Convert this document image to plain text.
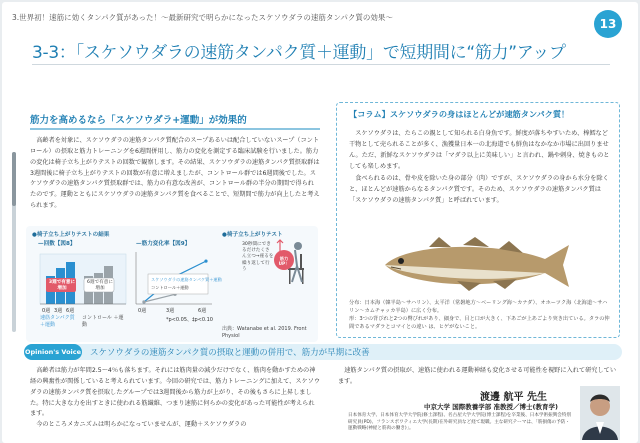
3.世界初！速筋に効くタンパク質があった！～最新研究で明らかになったスケソウダラの速筋タンパク質の効果～	13
3-3：「スケソウダラの速筋タンパク質＋運動」で短期間に“筋力”アップ
筋力を高めるなら「スケソウダラ+運動」が効果的
高齢者を対象に、スケソウダラの速筋タンパク質配合のスープあるいは配合していないスープ（コントロール）の摂取と筋力トレーニングを6週間併用し、筋力の変化を測定する臨床試験を行いました。筋力の変化は椅子立ち上がりテストの回数で観察します。その結果、スケソウダラの速筋タンパク質摂取群は3週間後に椅子立ち上がりテストの回数が有意に増えましたが、コントロール群では6週間後でした。スケソウダラの速筋タンパク質摂取群では、筋力の有意な改善が、コントロール群の半分の期間で得られたのです。運動とともにスケソウダラの速筋タンパク質を食べることで、短期間で筋力が向上したと考えられます。
●椅子立ち上がりテストの結果
—回数【図8】	—筋力変化率【図9】
●椅子立ち上がりテスト
3週で有意に増加
6週で有意に増加
0週 3週 6週
速筋タンパク質 ＋運動
コントロール ＋運動
0週	3週	6週
スケソウダラの速筋タンパク質＋運動
コントロール＋運動
*p<0.05、‡p<0.10
30秒間にできるだけたくさん立つ→座るを繰り返して行う
筋力UP！
出典：Watanabe et al. 2019. Front Physiol
【コラム】スケソウダラの身はほとんどが速筋タンパク質！

スケソウダラは、たらこの親として知られる白身魚です。鮮度が落ちやすいため、棒鱈など干物として売られることが多く、漁獲量日本一の北海道でも鮮魚はなかなか市場に出回りません。ただ、新鮮なスケソウダラは「マダラ以上に美味しい」と言われ、鍋や刺身、焼きものとしても楽しめます。

食べられるのは、骨や皮を除いた身の部分（肉）ですが、スケソウダラの身から水分を除くと、ほとんどが速筋からなるタンパク質です。そのため、スケソウダラの速筋タンパク質は「スケソウダラの速筋タンパク質」と呼ばれています。

分布：日本海（韓半島～サハリン）、太平洋（常磐地方～ベーリング海～カナダ）、オホーツク海（北海道～サハリン～カムチャッカ半島）に広く分布。
形：3つの背びれと2つの臀びれがあり、細身で、目と口が大きく、下あごが上あごより突き出ている。タラの仲間であるマダラとコマイとの違い は、ヒゲがないこと。
Opinion's Voice スケソウダラの速筋タンパク質の摂取と運動の併用で、筋力が早期に改善
高齢者は筋力が年間2.5～4％も落ちます。それには筋肉量の減少だけでなく、筋肉を動かすための神経の興奮性が関係していると考えられています。今回の研究では、筋力トレーニングに加えて、スケソウダラの速筋タンパク質を摂取したグループでは3週間後から筋力が上がり、その後もさらに上昇しました。特に大きな力を出すときに使われる筋繊維、つまり速筋に何らかの変化があった可能性が考えられます。
今のところメカニズムは明らかになっていませんが、運動＋スケソウダラの
速筋タンパク質の摂取が、速筋に使われる運動神経も変化させる可能性を視野に入れて研究しています。
渡邊 航平 先生
中京大学 国際教養学部 准教授／博士(教育学)
日本体育大学、日本体育大学大学院(修士課程)、名古屋大学大学院(博士課程)を卒業後、日本学術振興会特別研究員(PD)、フランスポワティエ大学(長期)在外研究員など経て現職。主な研究テーマは、「筋損傷の予防・運動戦略(神経と筋肉の働き)」。
